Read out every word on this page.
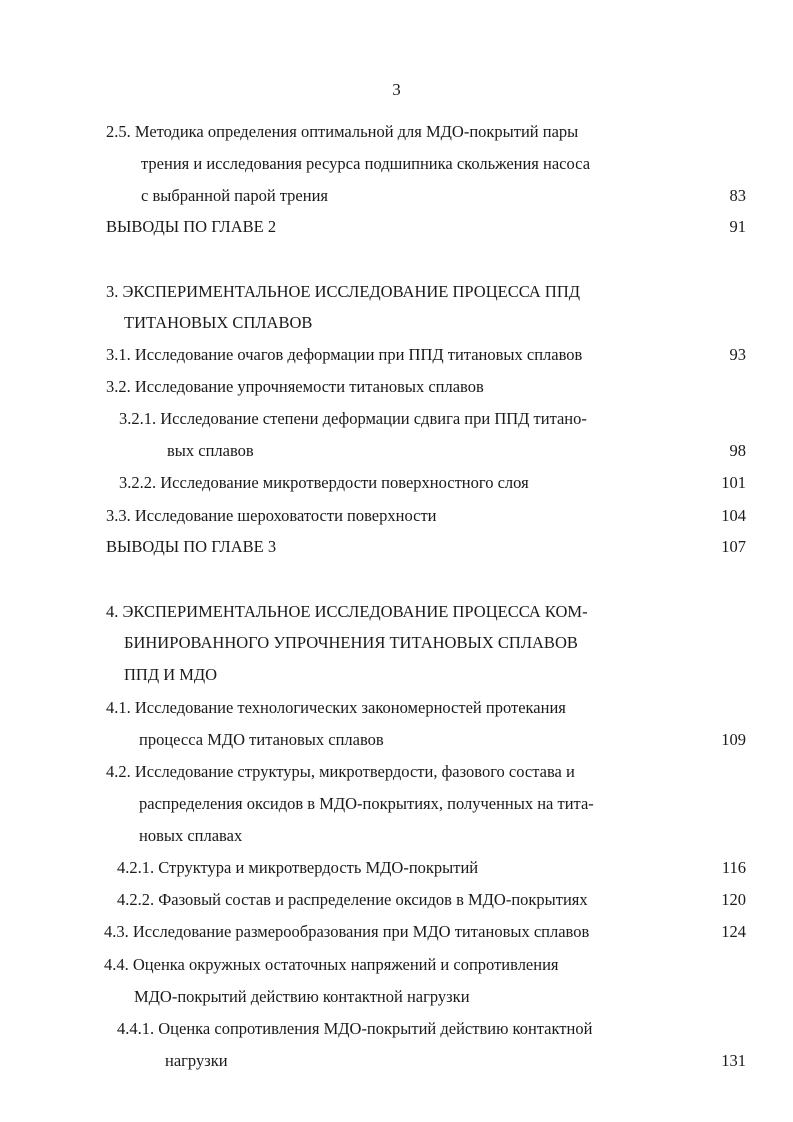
3
2.5. Методика определения оптимальной для МДО-покрытий пары
трения и исследования ресурса подшипника скольжения насоса
с выбранной парой трения	83
ВЫВОДЫ ПО ГЛАВЕ 2	91
3. ЭКСПЕРИМЕНТАЛЬНОЕ ИССЛЕДОВАНИЕ ПРОЦЕССА ППД
ТИТАНОВЫХ СПЛАВОВ
3.1. Исследование очагов деформации при ППД титановых сплавов	93
3.2. Исследование упрочняемости титановых сплавов
3.2.1. Исследование степени деформации сдвига при ППД титано-
вых сплавов	98
3.2.2. Исследование микротвердости поверхностного слоя	101
3.3. Исследование шероховатости поверхности	104
ВЫВОДЫ ПО ГЛАВЕ 3	107
4. ЭКСПЕРИМЕНТАЛЬНОЕ ИССЛЕДОВАНИЕ ПРОЦЕССА КОМ-
БИНИРОВАННОГО УПРОЧНЕНИЯ ТИТАНОВЫХ СПЛАВОВ
ППД И МДО
4.1. Исследование технологических закономерностей протекания
процесса МДО титановых сплавов	109
4.2. Исследование структуры, микротвердости, фазового состава и
распределения оксидов в МДО-покрытиях, полученных на тита-
новых сплавах
4.2.1. Структура и микротвердость МДО-покрытий	116
4.2.2. Фазовый состав и распределение оксидов в МДО-покрытиях	120
4.3. Исследование размерообразования при МДО титановых сплавов	124
4.4. Оценка окружных остаточных напряжений и сопротивления
МДО-покрытий действию контактной нагрузки
4.4.1. Оценка сопротивления МДО-покрытий действию контактной
нагрузки	131
